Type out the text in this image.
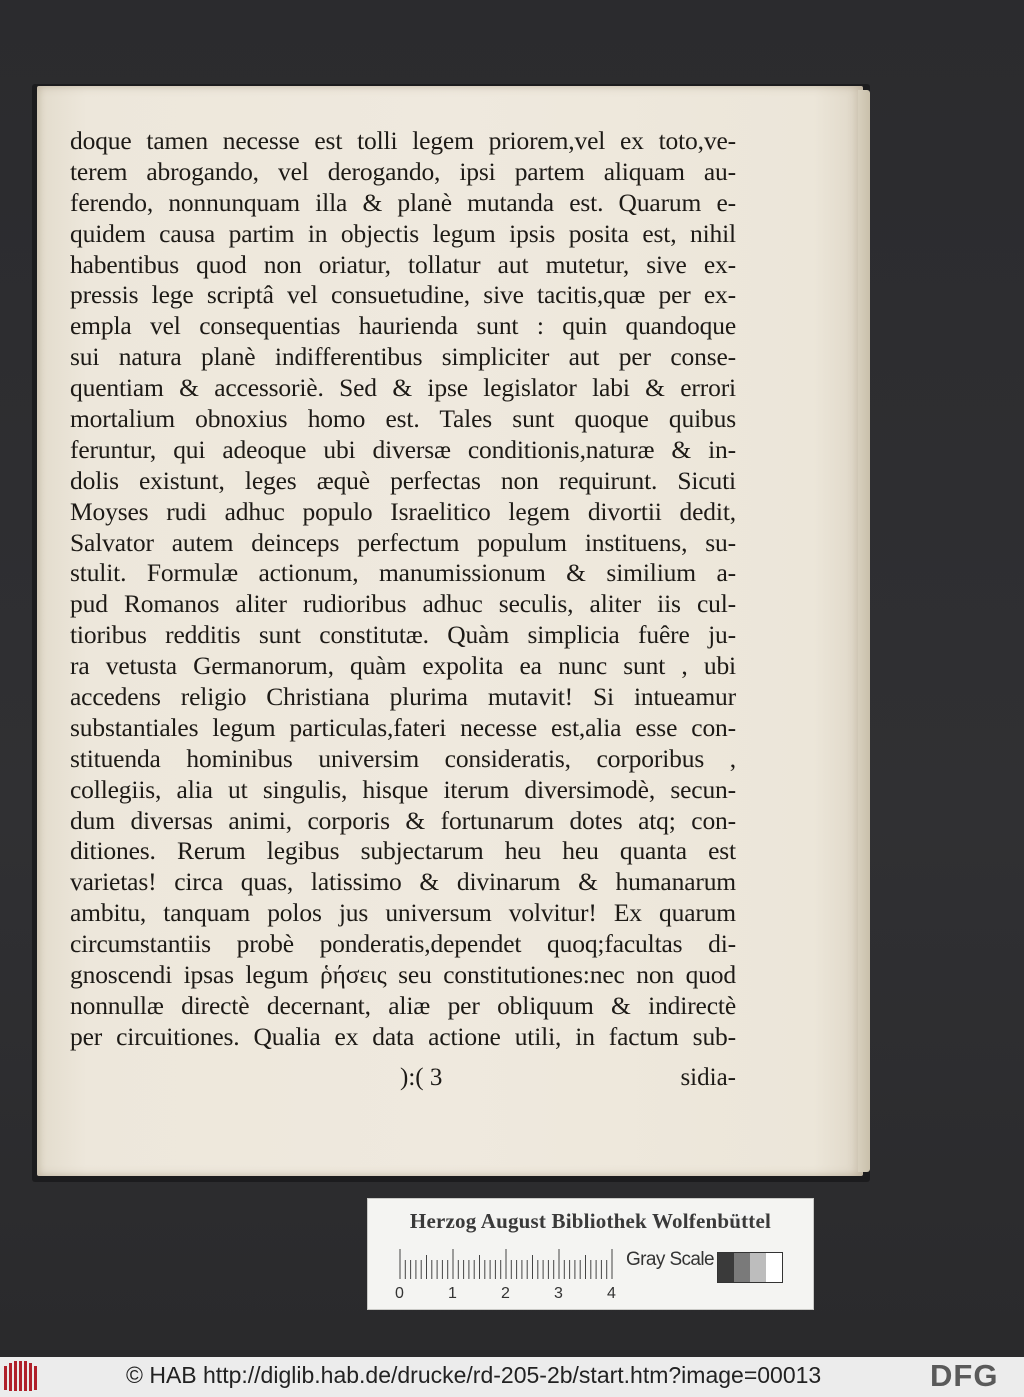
doque tamen necesse est tolli legem priorem,vel ex toto,ve-
terem abrogando, vel derogando, ipsi partem aliquam au-
ferendo, nonnunquam illa & planè mutanda est. Quarum e-
quidem causa partim in objectis legum ipsis posita est, nihil
habentibus quod non oriatur, tollatur aut mutetur, sive ex-
pressis lege scriptâ vel consuetudine, sive tacitis,quæ per ex-
empla vel consequentias haurienda sunt : quin quandoque
sui natura planè indifferentibus simpliciter aut per conse-
quentiam & accessoriè. Sed & ipse legislator labi & errori
mortalium obnoxius homo est. Tales sunt quoque quibus
feruntur, qui adeoque ubi diversæ conditionis,naturæ & in-
dolis existunt, leges æquè perfectas non requirunt. Sicuti
Moyses rudi adhuc populo Israelitico legem divortii dedit,
Salvator autem deinceps perfectum populum instituens, su-
stulit. Formulæ actionum, manumissionum & similium a-
pud Romanos aliter rudioribus adhuc seculis, aliter iis cul-
tioribus redditis sunt constitutæ. Quàm simplicia fuêre ju-
ra vetusta Germanorum, quàm expolita ea nunc sunt , ubi
accedens religio Christiana plurima mutavit! Si intueamur
substantiales legum particulas,fateri necesse est,alia esse con-
stituenda hominibus universim consideratis, corporibus ,
collegiis, alia ut singulis, hisque iterum diversimodè, secun-
dum diversas animi, corporis & fortunarum dotes atq; con-
ditiones. Rerum legibus subjectarum heu heu quanta est
varietas! circa quas, latissimo & divinarum & humanarum
ambitu, tanquam polos jus universum volvitur! Ex quarum
circumstantiis probè ponderatis,dependet quoq;facultas di-
gnoscendi ipsas legum ῥήσεις seu constitutiones:nec non quod
nonnullæ directè decernant, aliæ per obliquum & indirectè
per circuitiones. Qualia ex data actione utili, in factum sub-
):( 3	sidia-
Herzog August Bibliothek Wolfenbüttel
Gray Scale
0	1	2	3	4
© HAB http://diglib.hab.de/drucke/rd-205-2b/start.htm?image=00013	DFG
